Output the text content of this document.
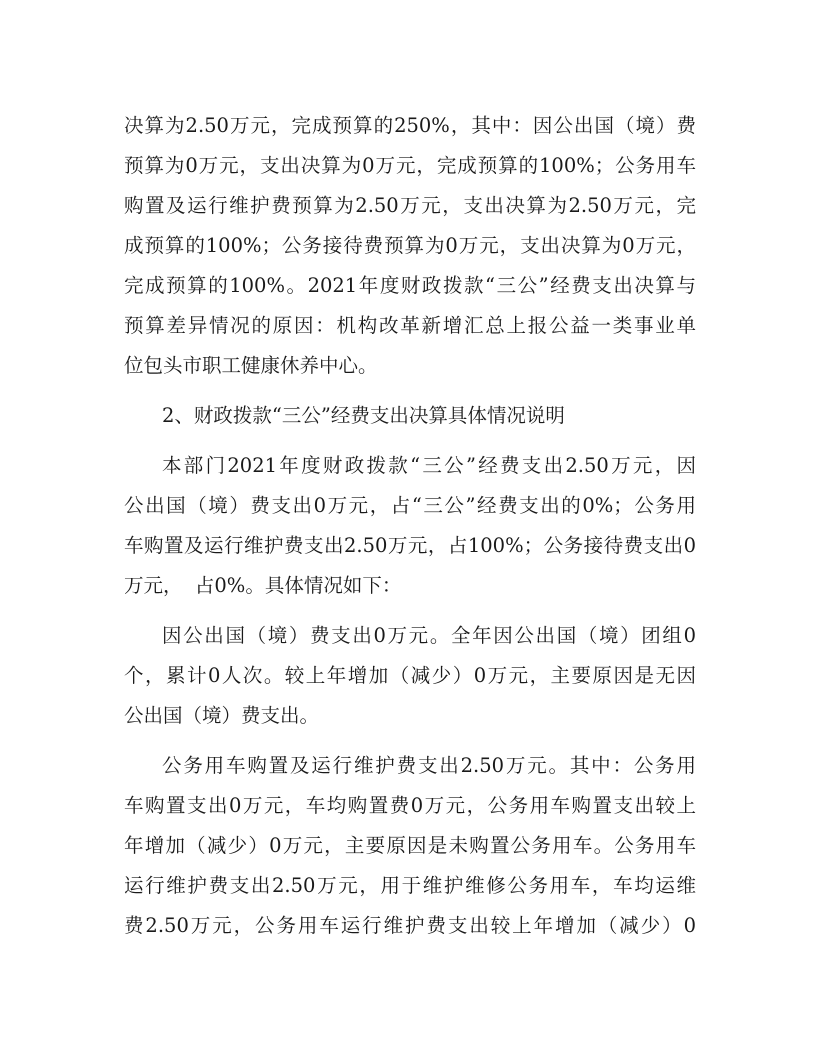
决算为2.50万元，完成预算的250%，其中：因公出国（境）费
预算为0万元，支出决算为0万元，完成预算的100%；公务用车
购置及运行维护费预算为2.50万元，支出决算为2.50万元，完
成预算的100%；公务接待费预算为0万元，支出决算为0万元，
完成预算的100%。2021年度财政拨款“三公”经费支出决算与
预算差异情况的原因：机构改革新增汇总上报公益一类事业单
位包头市职工健康休养中心。
2、财政拨款“三公”经费支出决算具体情况说明
本部门2021年度财政拨款“三公”经费支出2.50万元，因
公出国（境）费支出0万元，占“三公”经费支出的0%；公务用
车购置及运行维护费支出2.50万元，占100%；公务接待费支出0
万元，  占0%。具体情况如下：
因公出国（境）费支出0万元。全年因公出国（境）团组0
个，累计0人次。较上年增加（减少）0万元，主要原因是无因
公出国（境）费支出。
公务用车购置及运行维护费支出2.50万元。其中：公务用
车购置支出0万元，车均购置费0万元，公务用车购置支出较上
年增加（减少）0万元，主要原因是未购置公务用车。公务用车
运行维护费支出2.50万元，用于维护维修公务用车，车均运维
费2.50万元，公务用车运行维护费支出较上年增加（减少）0
